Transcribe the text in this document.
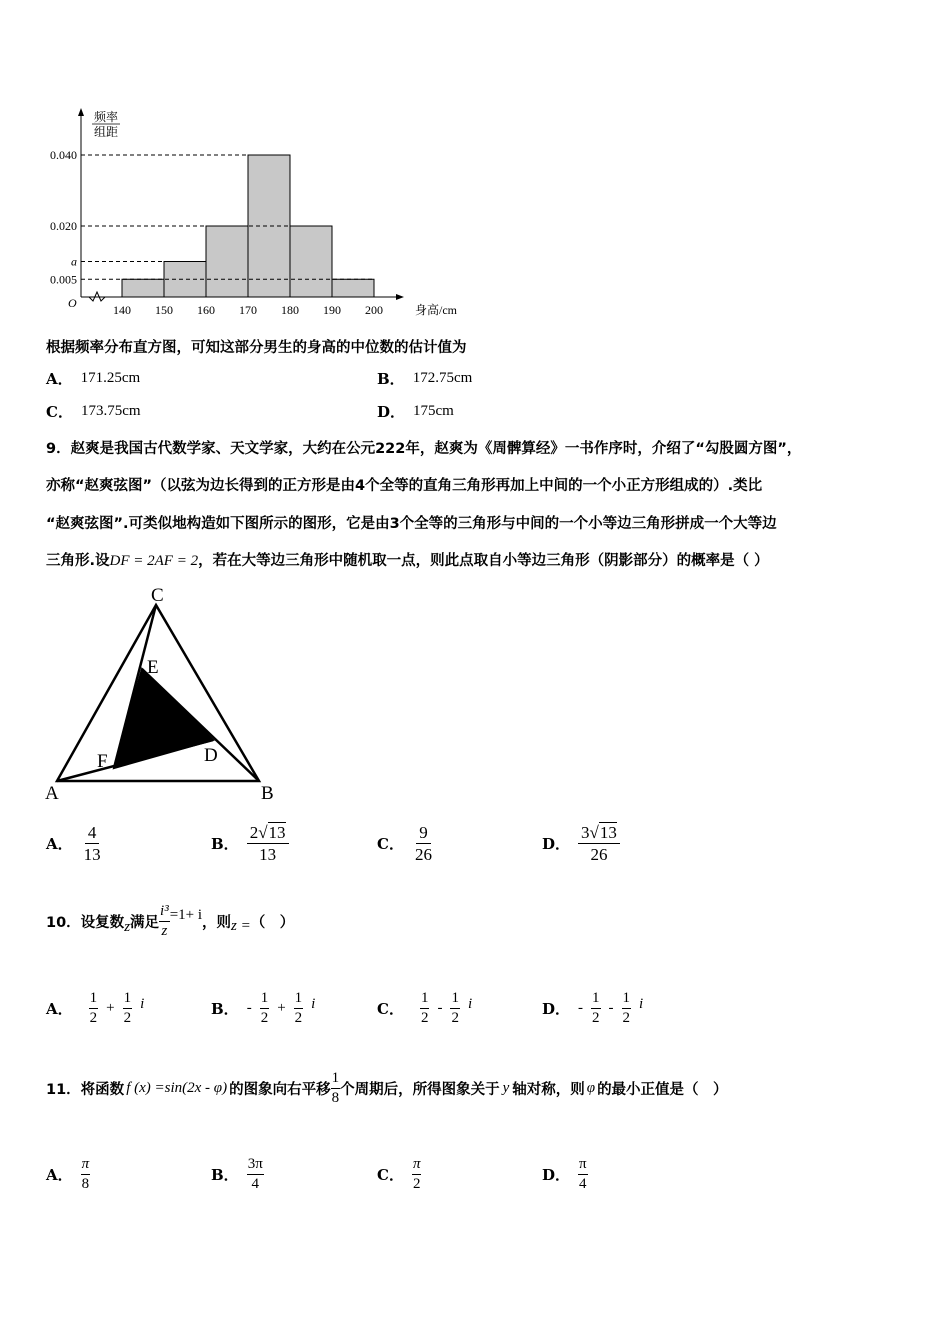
0.040
0.020
a
0.005
140 150 160 170 180 190 200
O	身高/cm
频率
组距
根据频率分布直方图，可知这部分男生的身高的中位数的估计值为
A． 171.25cm	B． 172.75cm
C． 173.75cm	D． 175cm
9．赵爽是我国古代数学家、天文学家，大约在公元222年，赵爽为《周髀算经》一书作序时，介绍了“勾股圆方图”，
亦称“赵爽弦图”（以弦为边长得到的正方形是由4个全等的直角三角形再加上中间的一个小正方形组成的）.类比
“赵爽弦图”.可类似地构造如下图所示的图形，它是由3个全等的三角形与中间的一个小等边三角形拼成一个大等边
三角形.设DF = 2AF = 2，若在大等边三角形中随机取一点，则此点取自小等边三角形（阴影部分）的概率是（ ）
C
E
D
F
A	B
A． $\frac{4}{13}$	B． $\frac{2√13}{13}$	C． $\frac{9}{26}$	D． $\frac{3√13}{26}$
10．设复数 z 满足 $\frac{\text{i³}}{z} =1+ i$ ，则 z = （　）
A． $\frac{1}{2} + \frac{1}{2}$ i	B． - $\frac{1}{2} + \frac{1}{2}$ i	C． $\frac{1}{2} - \frac{1}{2}$ i	D． - $\frac{1}{2} - \frac{1}{2}$ i
11．将函数 f (x) =sin(2x - φ) 的图象向右平移 $\frac{1}{8}$ 个周期后，所得图象关于 y 轴对称，则 φ 的最小正值是（　）
A． $\frac{\pi}{8}$	B． $\frac{3\pi}{4}$	C． $\frac{\pi}{2}$	D． $\frac{\pi}{4}$
